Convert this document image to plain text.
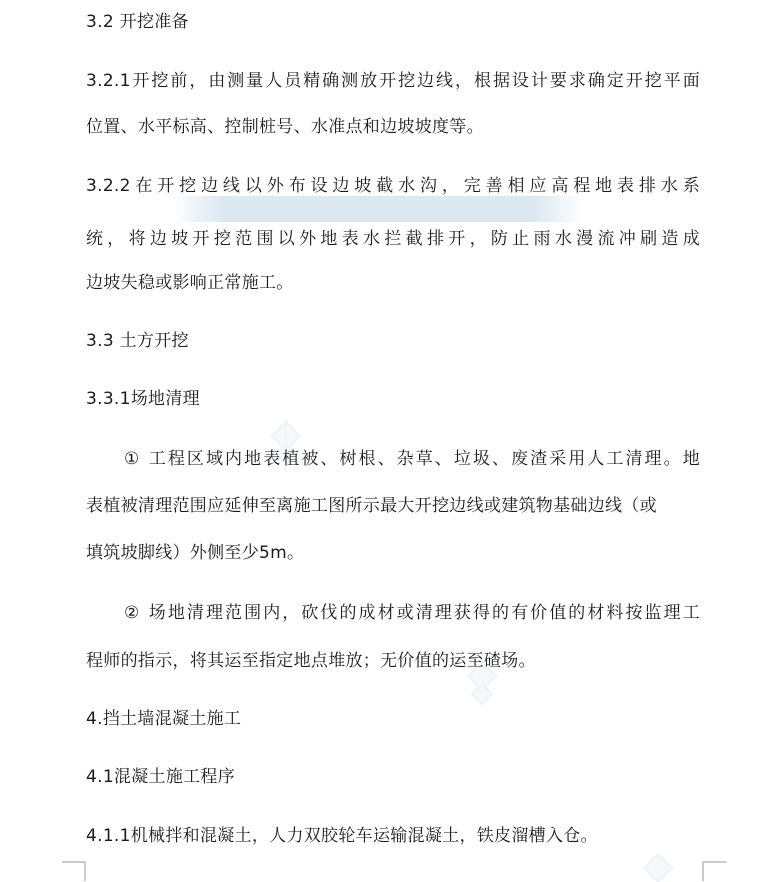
3.2 开挖准备
3.2.1开挖前，由测量人员精确测放开挖边线，根据设计要求确定开挖平面
位置、水平标高、控制桩号、水准点和边坡坡度等。
3.2.2在开挖边线以外布设边坡截水沟，完善相应高程地表排水系
统，将边坡开挖范围以外地表水拦截排开，防止雨水漫流冲刷造成
边坡失稳或影响正常施工。
3.3 土方开挖
3.3.1场地清理
① 工程区域内地表植被、树根、杂草、垃圾、废渣采用人工清理。地
表植被清理范围应延伸至离施工图所示最大开挖边线或建筑物基础边线（或
填筑坡脚线）外侧至少5m。
② 场地清理范围内，砍伐的成材或清理获得的有价值的材料按监理工
程师的指示，将其运至指定地点堆放；无价值的运至碴场。
4.挡土墙混凝土施工
4.1混凝土施工程序
4.1.1机械拌和混凝土，人力双胶轮车运输混凝土，铁皮溜槽入仓。
